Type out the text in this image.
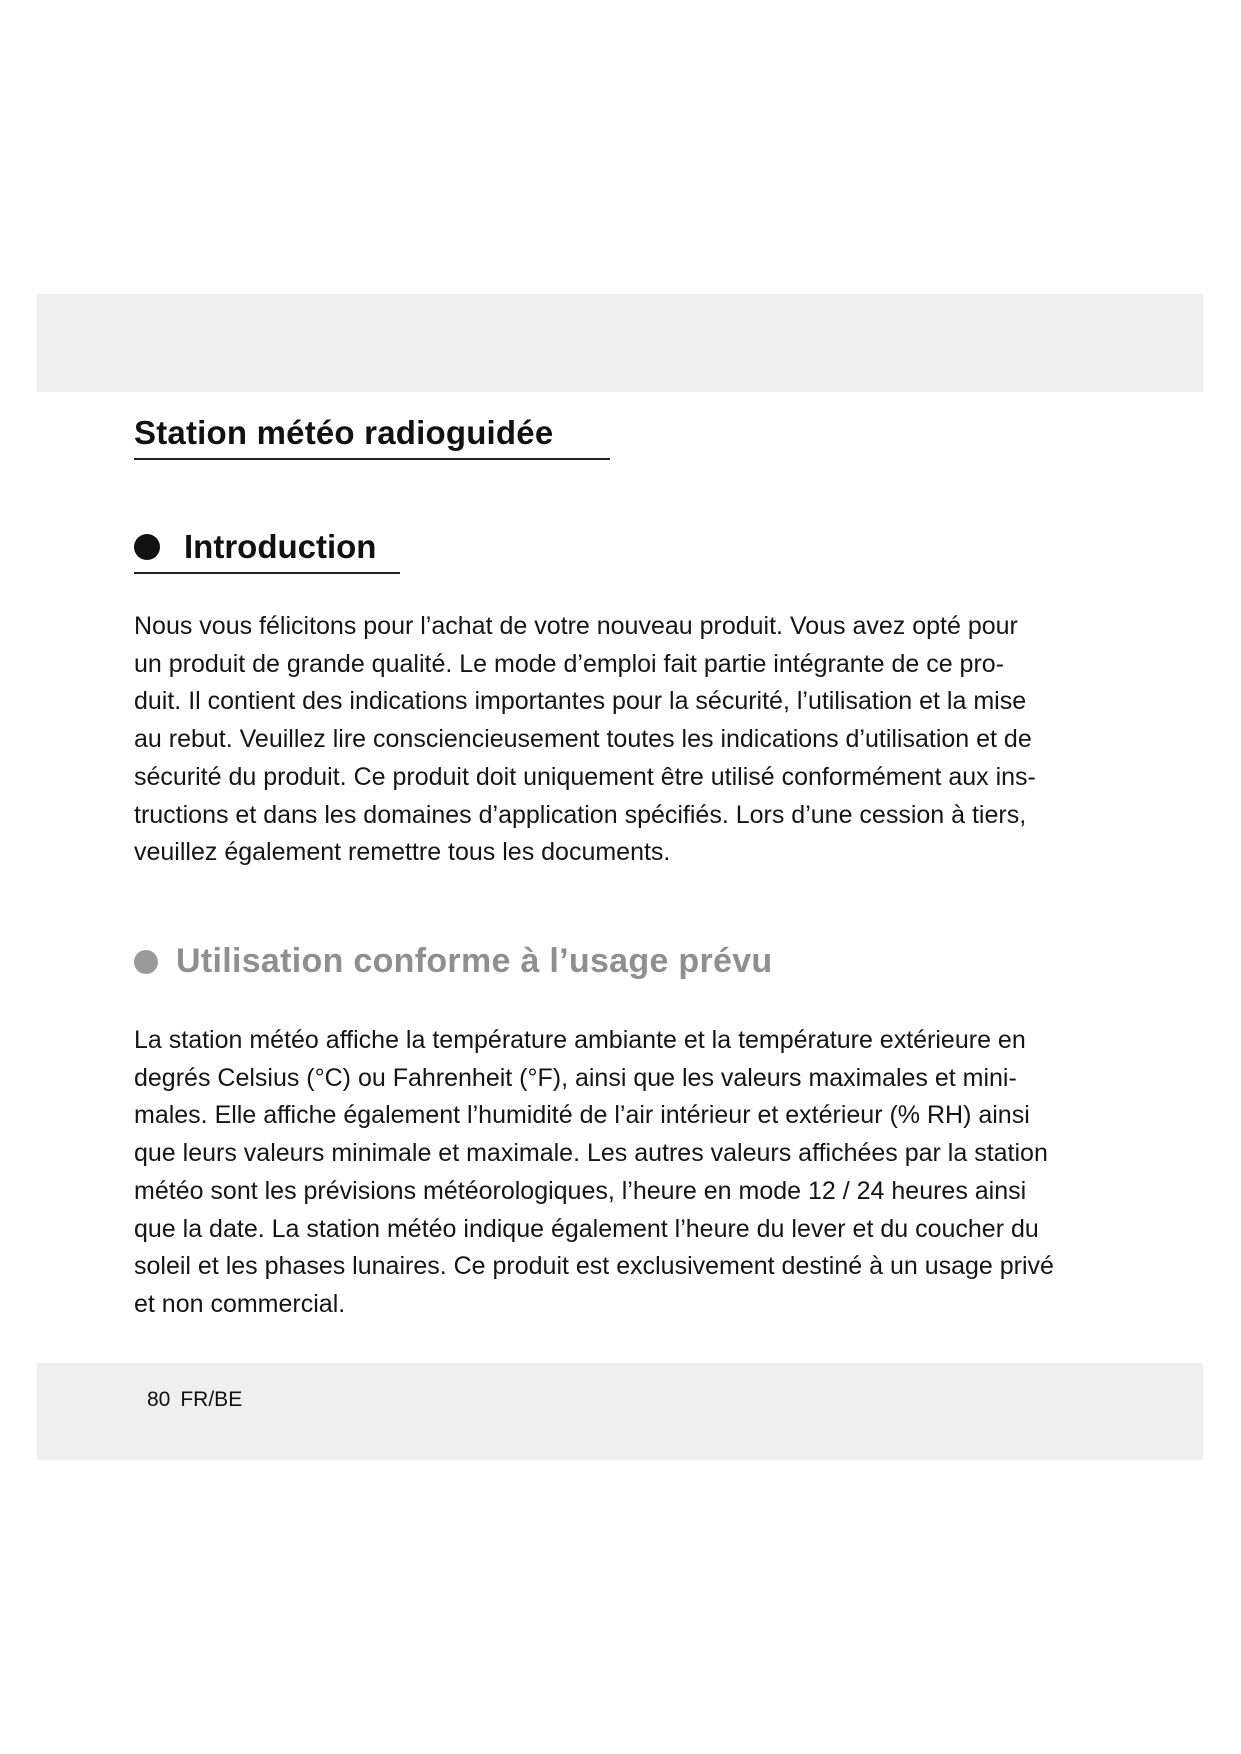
Station météo radioguidée
Introduction

Nous vous félicitons pour l’achat de votre nouveau produit. Vous avez opté pour
un produit de grande qualité. Le mode d’emploi fait partie intégrante de ce pro-
duit. Il contient des indications importantes pour la sécurité, l’utilisation et la mise
au rebut. Veuillez lire consciencieusement toutes les indications d’utilisation et de
sécurité du produit. Ce produit doit uniquement être utilisé conformément aux ins-
tructions et dans les domaines d’application spécifiés. Lors d’une cession à tiers,
veuillez également remettre tous les documents.

Utilisation conforme à l’usage prévu

La station météo affiche la température ambiante et la température extérieure en
degrés Celsius (°C) ou Fahrenheit (°F), ainsi que les valeurs maximales et mini-
males. Elle affiche également l’humidité de l’air intérieur et extérieur (% RH) ainsi
que leurs valeurs minimale et maximale. Les autres valeurs affichées par la station
météo sont les prévisions météorologiques, l’heure en mode 12 / 24 heures ainsi
que la date. La station météo indique également l’heure du lever et du coucher du
soleil et les phases lunaires. Ce produit est exclusivement destiné à un usage privé
et non commercial.

80 FR/BE
